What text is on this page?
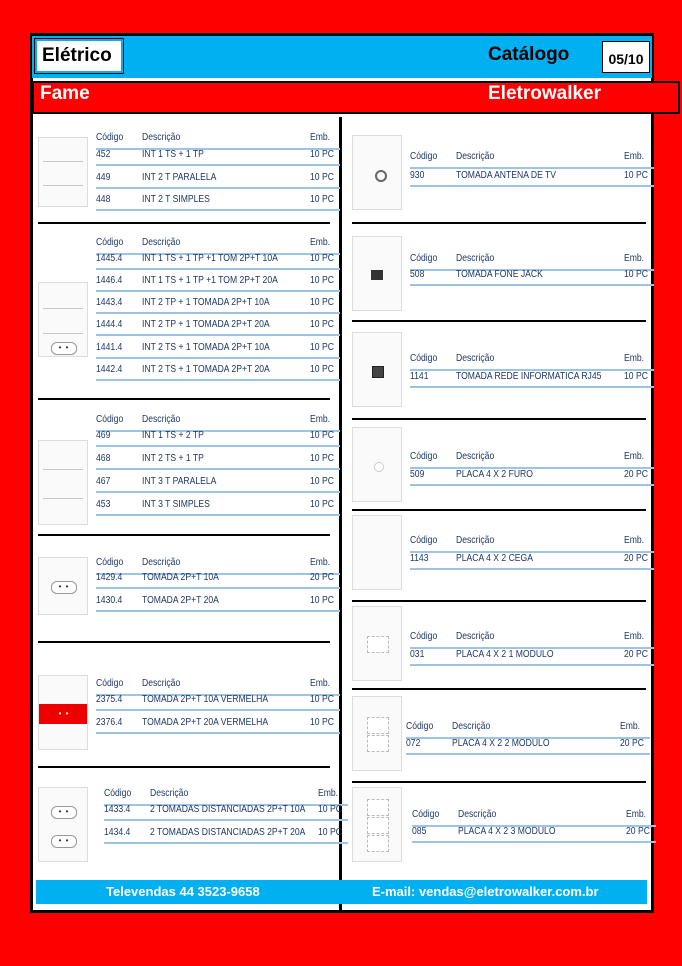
Elétrico	Catálogo	05/10
Fame	Eletrowalker
Código Descrição	Emb.
452	INT 1 TS + 1 TP	10 PC
449	INT 2 T PARALELA	10 PC
448	INT 2 T SIMPLES	10 PC
• •
Código Descrição	Emb.
1445.4 INT 1 TS + 1 TP +1 TOM 2P+T 10A	10 PC
1446.4 INT 1 TS + 1 TP +1 TOM 2P+T 20A	10 PC
1443.4 INT 2 TP + 1 TOMADA 2P+T 10A	10 PC
1444.4 INT 2 TP + 1 TOMADA 2P+T 20A	10 PC
1441.4 INT 2 TS + 1 TOMADA 2P+T 10A	10 PC
1442.4 INT 2 TS + 1 TOMADA 2P+T 20A	10 PC
Código Descrição	Emb.
469	INT 1 TS + 2 TP	10 PC
468	INT 2 TS + 1 TP	10 PC
467	INT 3 T PARALELA	10 PC
453	INT 3 T SIMPLES	10 PC
• •
Código Descrição	Emb.
1429.4 TOMADA 2P+T 10A	20 PC
1430.4 TOMADA 2P+T 20A	10 PC
• •
Código Descrição	Emb.
2375.4 TOMADA 2P+T 10A VERMELHA	10 PC
2376.4 TOMADA 2P+T 20A VERMELHA	10 PC
• •
• •
Código Descrição	Emb.
1433.4 2 TOMADAS DISTANCIADAS 2P+T 10A 10 PC
1434.4 2 TOMADAS DISTANCIADAS 2P+T 20A 10 PC
Código Descrição	Emb.
930	TOMADA ANTENA DE TV	10 PC
Código Descrição	Emb.
508	TOMADA FONE JACK	10 PC
Código Descrição	Emb.
1141	TOMADA REDE INFORMATICA RJ45 10 PC
Código Descrição	Emb.
509	PLACA 4 X 2 FURO	20 PC
Código Descrição	Emb.
1143	PLACA 4 X 2 CEGA	20 PC
Código Descrição	Emb.
031	PLACA 4 X 2 1 MODULO	20 PC
Código Descrição	Emb.
072	PLACA 4 X 2 2 MODULO	20 PC
Código Descrição	Emb.
085	PLACA 4 X 2 3 MODULO	20 PC
Televendas 44 3523-9658	E-mail: vendas@eletrowalker.com.br
